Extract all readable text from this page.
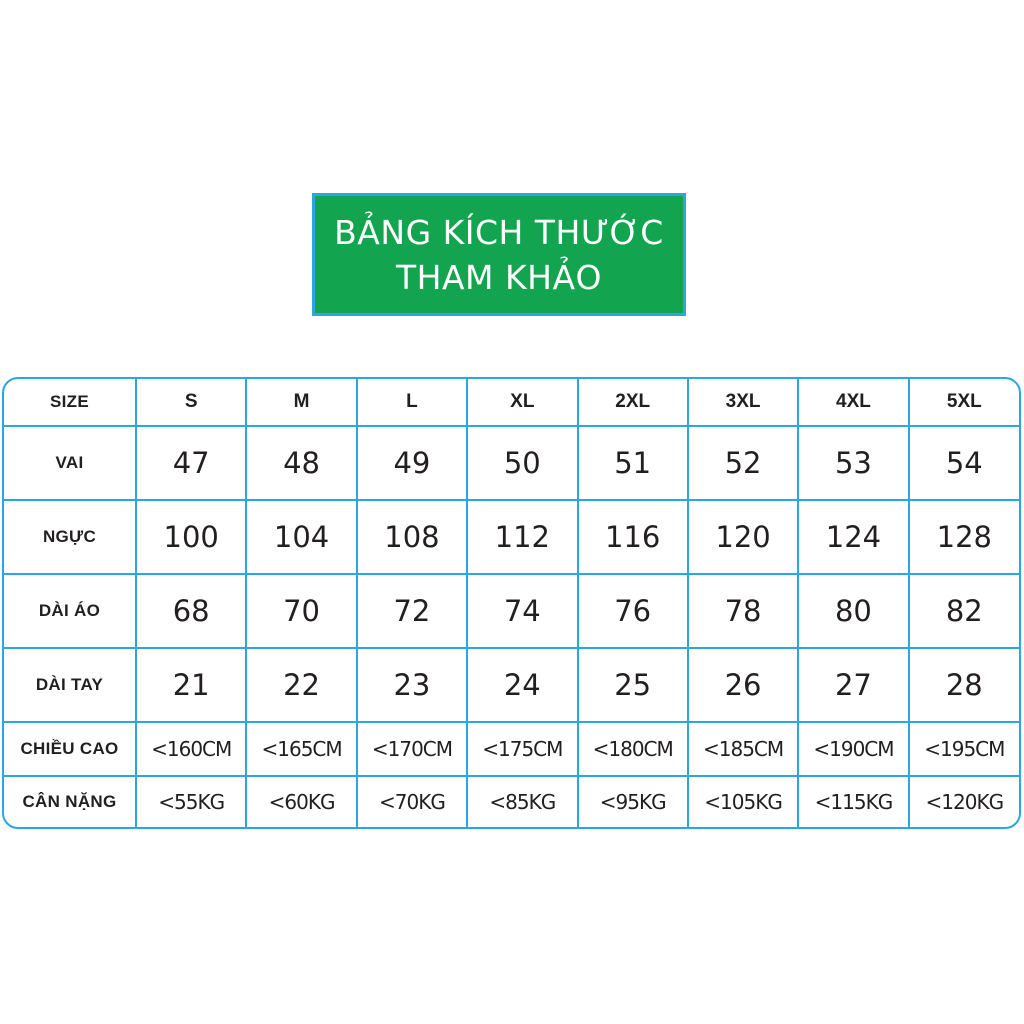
BẢNG KÍCH THƯỚC
THAM KHẢO
SIZE	S	M	L	XL	2XL	3XL	4XL	5XL
VAI	47	48	49	50	51	52	53	54
NGỰC	100	104	108	112	116	120	124	128
DÀI ÁO	68	70	72	74	76	78	80	82
DÀI TAY	21	22	23	24	25	26	27	28
CHIỀU CAO	<160CM	<165CM	<170CM	<175CM	<180CM	<185CM	<190CM	<195CM
CÂN NẶNG	<55KG	<60KG	<70KG	<85KG	<95KG	<105KG	<115KG	<120KG
